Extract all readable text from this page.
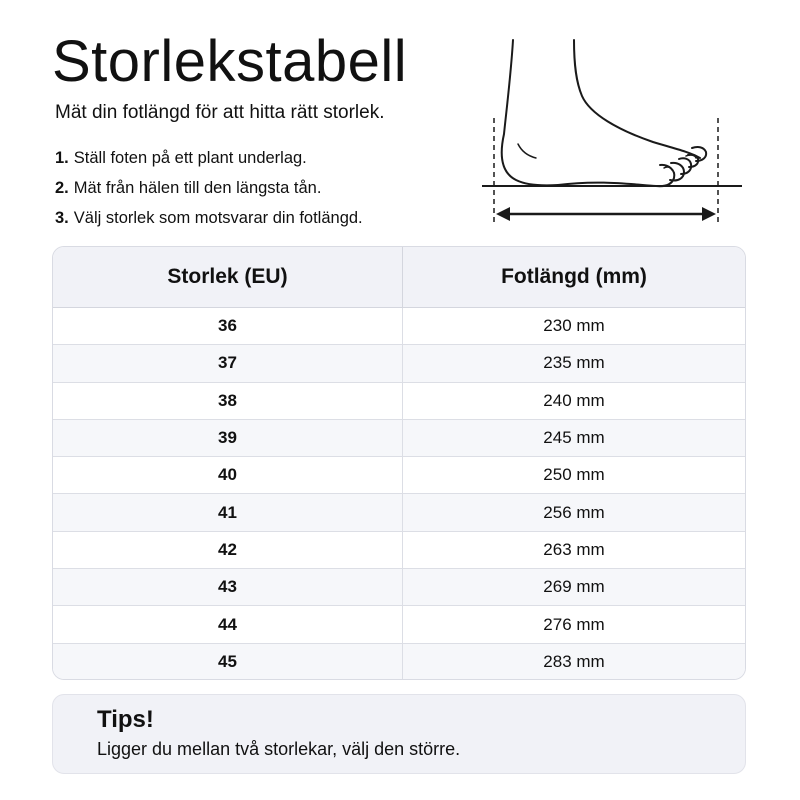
Storlekstabell
Mät din fotlängd för att hitta rätt storlek.
1. Ställ foten på ett plant underlag.
2. Mät från hälen till den längsta tån.
3. Välj storlek som motsvarar din fotlängd.
Storlek (EU)	Fotlängd (mm)
36	230 mm
37	235 mm
38	240 mm
39	245 mm
40	250 mm
41	256 mm
42	263 mm
43	269 mm
44	276 mm
45	283 mm
Tips!
Ligger du mellan två storlekar, välj den större.
